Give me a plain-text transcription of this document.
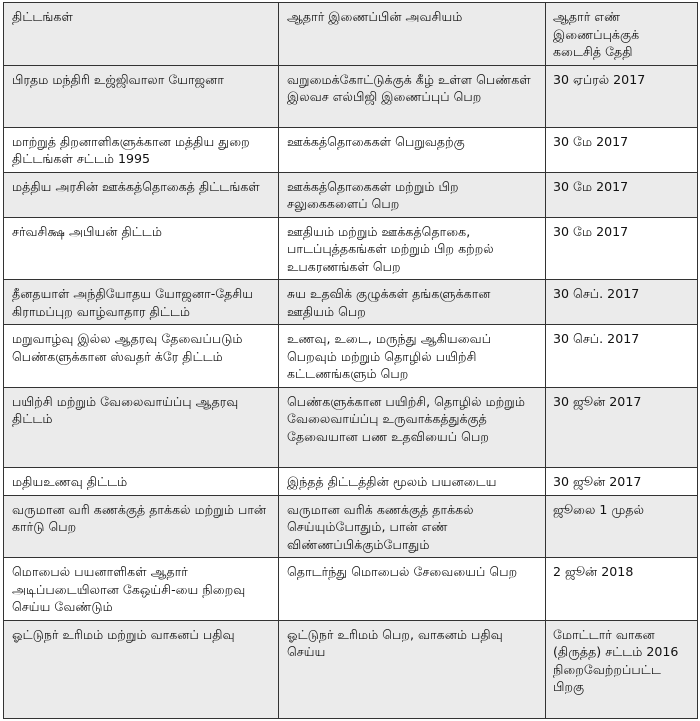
திட்டங்கள்	ஆதார் இணைப்பின் அவசியம்	ஆதார் எண் இணைப்புக்குக் கடைசித் தேதி
பிரதம மந்திரி உஜ்ஜிவாலா யோஜனா	வறுமைக்கோட்டுக்குக் கீழ் உள்ள பெண்கள் இலவச எல்பிஜி இணைப்புப் பெற	30 ஏப்ரல் 2017
மாற்றுத் திறனாளிகளுக்கான மத்திய துறை திட்டங்கள் சட்டம் 1995	ஊக்கத்தொகைகள் பெறுவதற்கு	30 மே 2017
மத்திய அரசின் ஊக்கத்தொகைத் திட்டங்கள்	ஊக்கத்தொகைகள் மற்றும் பிற சலுகைகளைப் பெற	30 மே 2017
சர்வசிக்ஷ அபியன் திட்டம்	ஊதியம் மற்றும் ஊக்கத்தொகை, பாடப்புத்தகங்கள் மற்றும் பிற கற்றல் உபகரணங்கள் பெற	30 மே 2017
தீனதயாள் அந்தியோதய யோஜனா-தேசிய கிராமப்புற வாழ்வாதார திட்டம்	சுய உதவிக் குழுக்கள் தங்களுக்கான ஊதியம் பெற	30 செப். 2017
மறுவாழ்வு இல்ல ஆதரவு தேவைப்படும் பெண்களுக்கான ஸ்வதர் க்ரே திட்டம்	உணவு, உடை, மருந்து ஆகியவைப் பெறவும் மற்றும் தொழில் பயிற்சி கட்டணங்களும் பெற	30 செப். 2017
பயிற்சி மற்றும் வேலைவாய்ப்பு ஆதரவு திட்டம்	பெண்களுக்கான பயிற்சி, தொழில் மற்றும் வேலைவாய்ப்பு உருவாக்கத்துக்குத் தேவையான பண உதவியைப் பெற	30 ஜூன் 2017
மதியஉணவு திட்டம்	இந்தத் திட்டத்தின் மூலம் பயனடைய	30 ஜூன் 2017
வருமான வரி கணக்குத் தாக்கல் மற்றும் பான் கார்டு பெற	வருமான வரிக் கணக்குத் தாக்கல் செய்யும்போதும், பான் எண் விண்ணப்பிக்கும்போதும்	ஜூலை 1 முதல்
மொபைல் பயனாளிகள் ஆதார் அடிப்படையிலான கேஒய்சி-யை நிறைவு செய்ய வேண்டும்	தொடர்ந்து மொபைல் சேவையைப் பெற	2 ஜூன் 2018
ஓட்டுநர் உரிமம் மற்றும் வாகனப் பதிவு	ஓட்டுநர் உரிமம் பெற, வாகனம் பதிவு செய்ய	மோட்டார் வாகன (திருத்த) சட்டம் 2016 நிறைவேற்றப்பட்ட பிறகு
